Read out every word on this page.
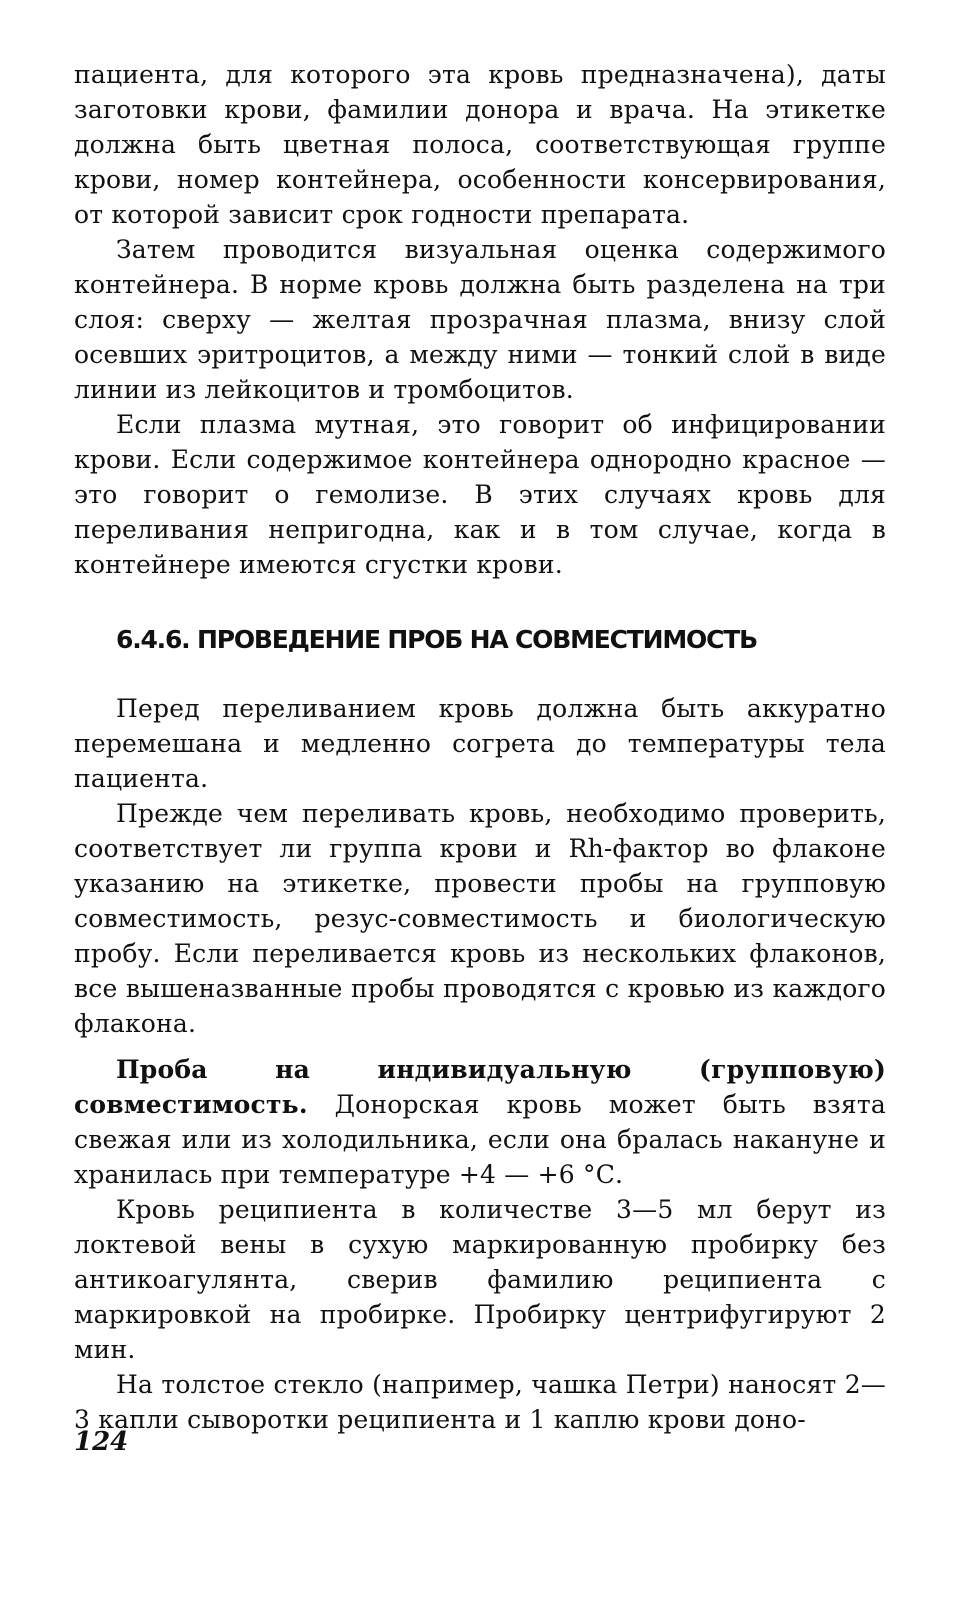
пациента, для которого эта кровь предназначена), даты заготовки крови, фамилии донора и врача. На этикетке должна быть цветная полоса, соответствующая группе крови, номер контейнера, особенности консервирования, от которой зависит срок годности препарата.

Затем проводится визуальная оценка содержимого контейнера. В норме кровь должна быть разделена на три слоя: сверху — желтая прозрачная плазма, внизу слой осевших эритроцитов, а между ними — тонкий слой в виде линии из лейкоцитов и тромбоцитов.

Если плазма мутная, это говорит об инфицировании крови. Если содержимое контейнера однородно красное — это говорит о гемолизе. В этих случаях кровь для переливания непригодна, как и в том случае, когда в контейнере имеются сгустки крови.

6.4.6. ПРОВЕДЕНИЕ ПРОБ НА СОВМЕСТИМОСТЬ

Перед переливанием кровь должна быть аккуратно перемешана и медленно согрета до температуры тела пациента.

Прежде чем переливать кровь, необходимо проверить, соответствует ли группа крови и Rh-фактор во флаконе указанию на этикетке, провести пробы на групповую совместимость, резус-совместимость и биологическую пробу. Если переливается кровь из нескольких флаконов, все вышеназванные пробы проводятся с кровью из каждого флакона.

Проба на индивидуальную (групповую) совместимость. Донорская кровь может быть взята свежая или из холодильника, если она бралась накануне и хранилась при температуре +4 — +6 °С.

Кровь реципиента в количестве 3—5 мл берут из локтевой вены в сухую маркированную пробирку без антикоагулянта, сверив фамилию реципиента с маркировкой на пробирке. Пробирку центрифугируют 2 мин.

На толстое стекло (например, чашка Петри) наносят 2—3 капли сыворотки реципиента и 1 каплю крови доно-

124
